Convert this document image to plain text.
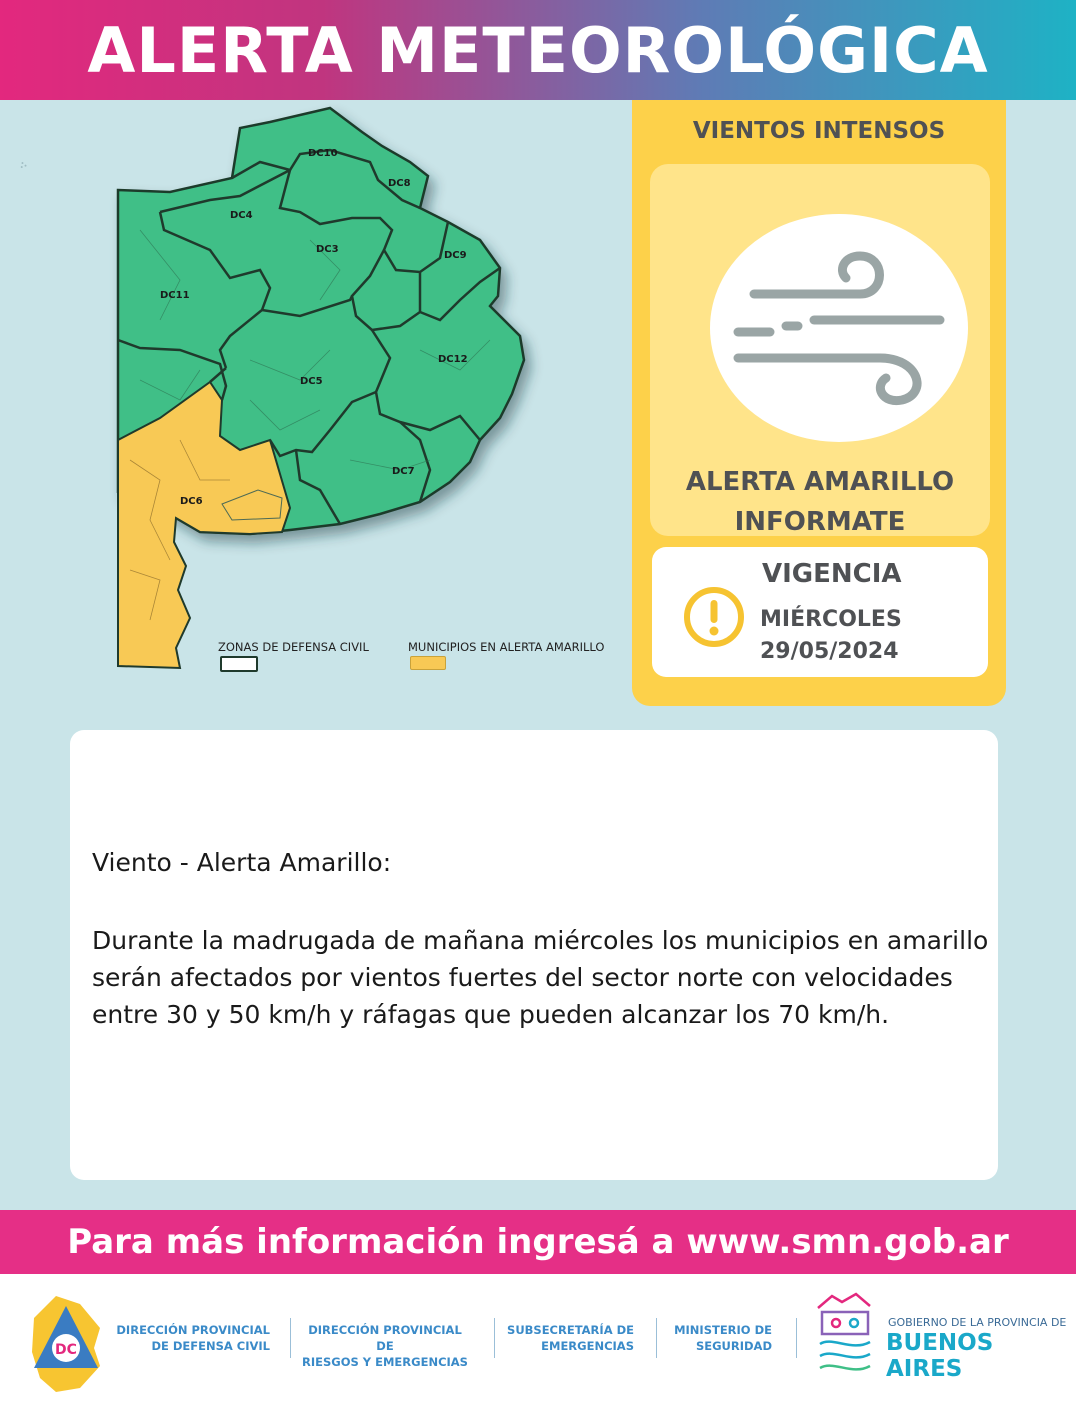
ALERTA METEOROLÓGICA
⛬
DC10
DC8
DC4
DC3
DC9
DC11
DC12
DC5
DC7
DC6
ZONAS DE DEFENSA CIVIL	MUNICIPIOS EN ALERTA AMARILLO
VIENTOS INTENSOS
ALERTA AMARILLO
INFORMATE
VIGENCIA
MIÉRCOLES
29/05/2024
Viento - Alerta Amarillo:
Durante la madrugada de mañana miércoles los municipios en amarillo serán afectados por vientos fuertes del sector norte con velocidades entre 30 y 50 km/h y ráfagas que pueden alcanzar los 70 km/h.
Para más información ingresá a www.smn.gob.ar
DC
DIRECCIÓN PROVINCIAL
DE DEFENSA CIVIL
DIRECCIÓN PROVINCIAL DE
RIESGOS Y EMERGENCIAS
SUBSECRETARÍA DE
EMERGENCIAS
MINISTERIO DE
SEGURIDAD
GOBIERNO DE LA PROVINCIA DE
BUENOS AIRES
